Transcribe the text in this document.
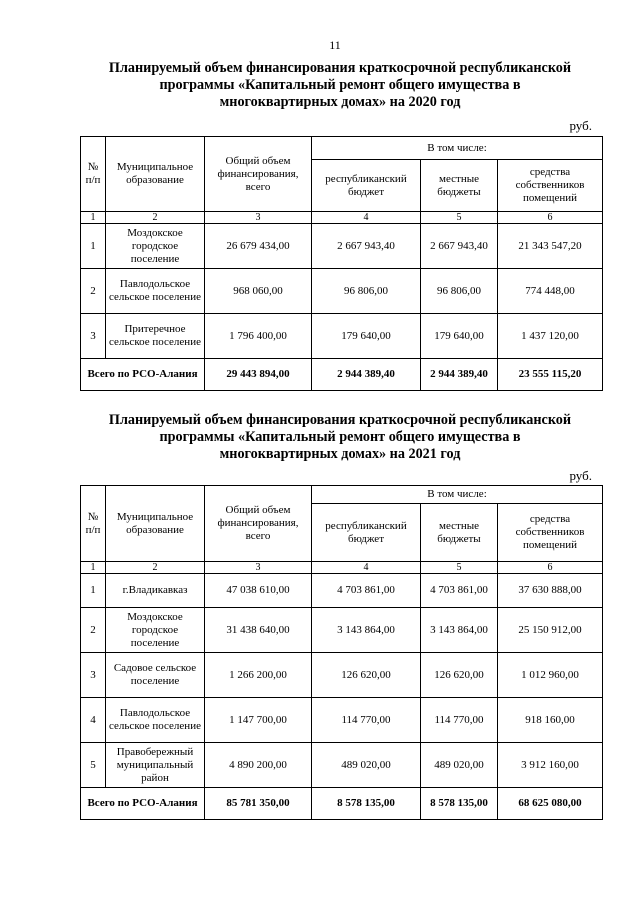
11
Планируемый объем финансирования краткосрочной республиканской
программы «Капитальный ремонт общего имущества в
многоквартирных домах» на 2020 год
руб.
№ п/п	Муниципальное образование	Общий объем финансирования, всего	В том числе:		
			республиканский бюджет	местные бюджеты	средства собственников помещений
1	2	3	4	5	6
1	Моздокское городское поселение	26 679 434,00	2 667 943,40	2 667 943,40	21 343 547,20
2	Павлодольское сельское поселение	968 060,00	96 806,00	96 806,00	774 448,00
3	Притеречное сельское поселение	1 796 400,00	179 640,00	179 640,00	1 437 120,00
Всего по РСО-Алания		29 443 894,00	2 944 389,40	2 944 389,40	23 555 115,20
Планируемый объем финансирования краткосрочной республиканской
программы «Капитальный ремонт общего имущества в
многоквартирных домах» на 2021 год
руб.
№ п/п	Муниципальное образование	Общий объем финансирования, всего	В том числе:		
			республиканский бюджет	местные бюджеты	средства собственников помещений
1	2	3	4	5	6
1	г.Владикавказ	47 038 610,00	4 703 861,00	4 703 861,00	37 630 888,00
2	Моздокское городское поселение	31 438 640,00	3 143 864,00	3 143 864,00	25 150 912,00
3	Садовое сельское поселение	1 266 200,00	126 620,00	126 620,00	1 012 960,00
4	Павлодольское сельское поселение	1 147 700,00	114 770,00	114 770,00	918 160,00
5	Правобережный муниципальный район	4 890 200,00	489 020,00	489 020,00	3 912 160,00
Всего по РСО-Алания		85 781 350,00	8 578 135,00	8 578 135,00	68 625 080,00
